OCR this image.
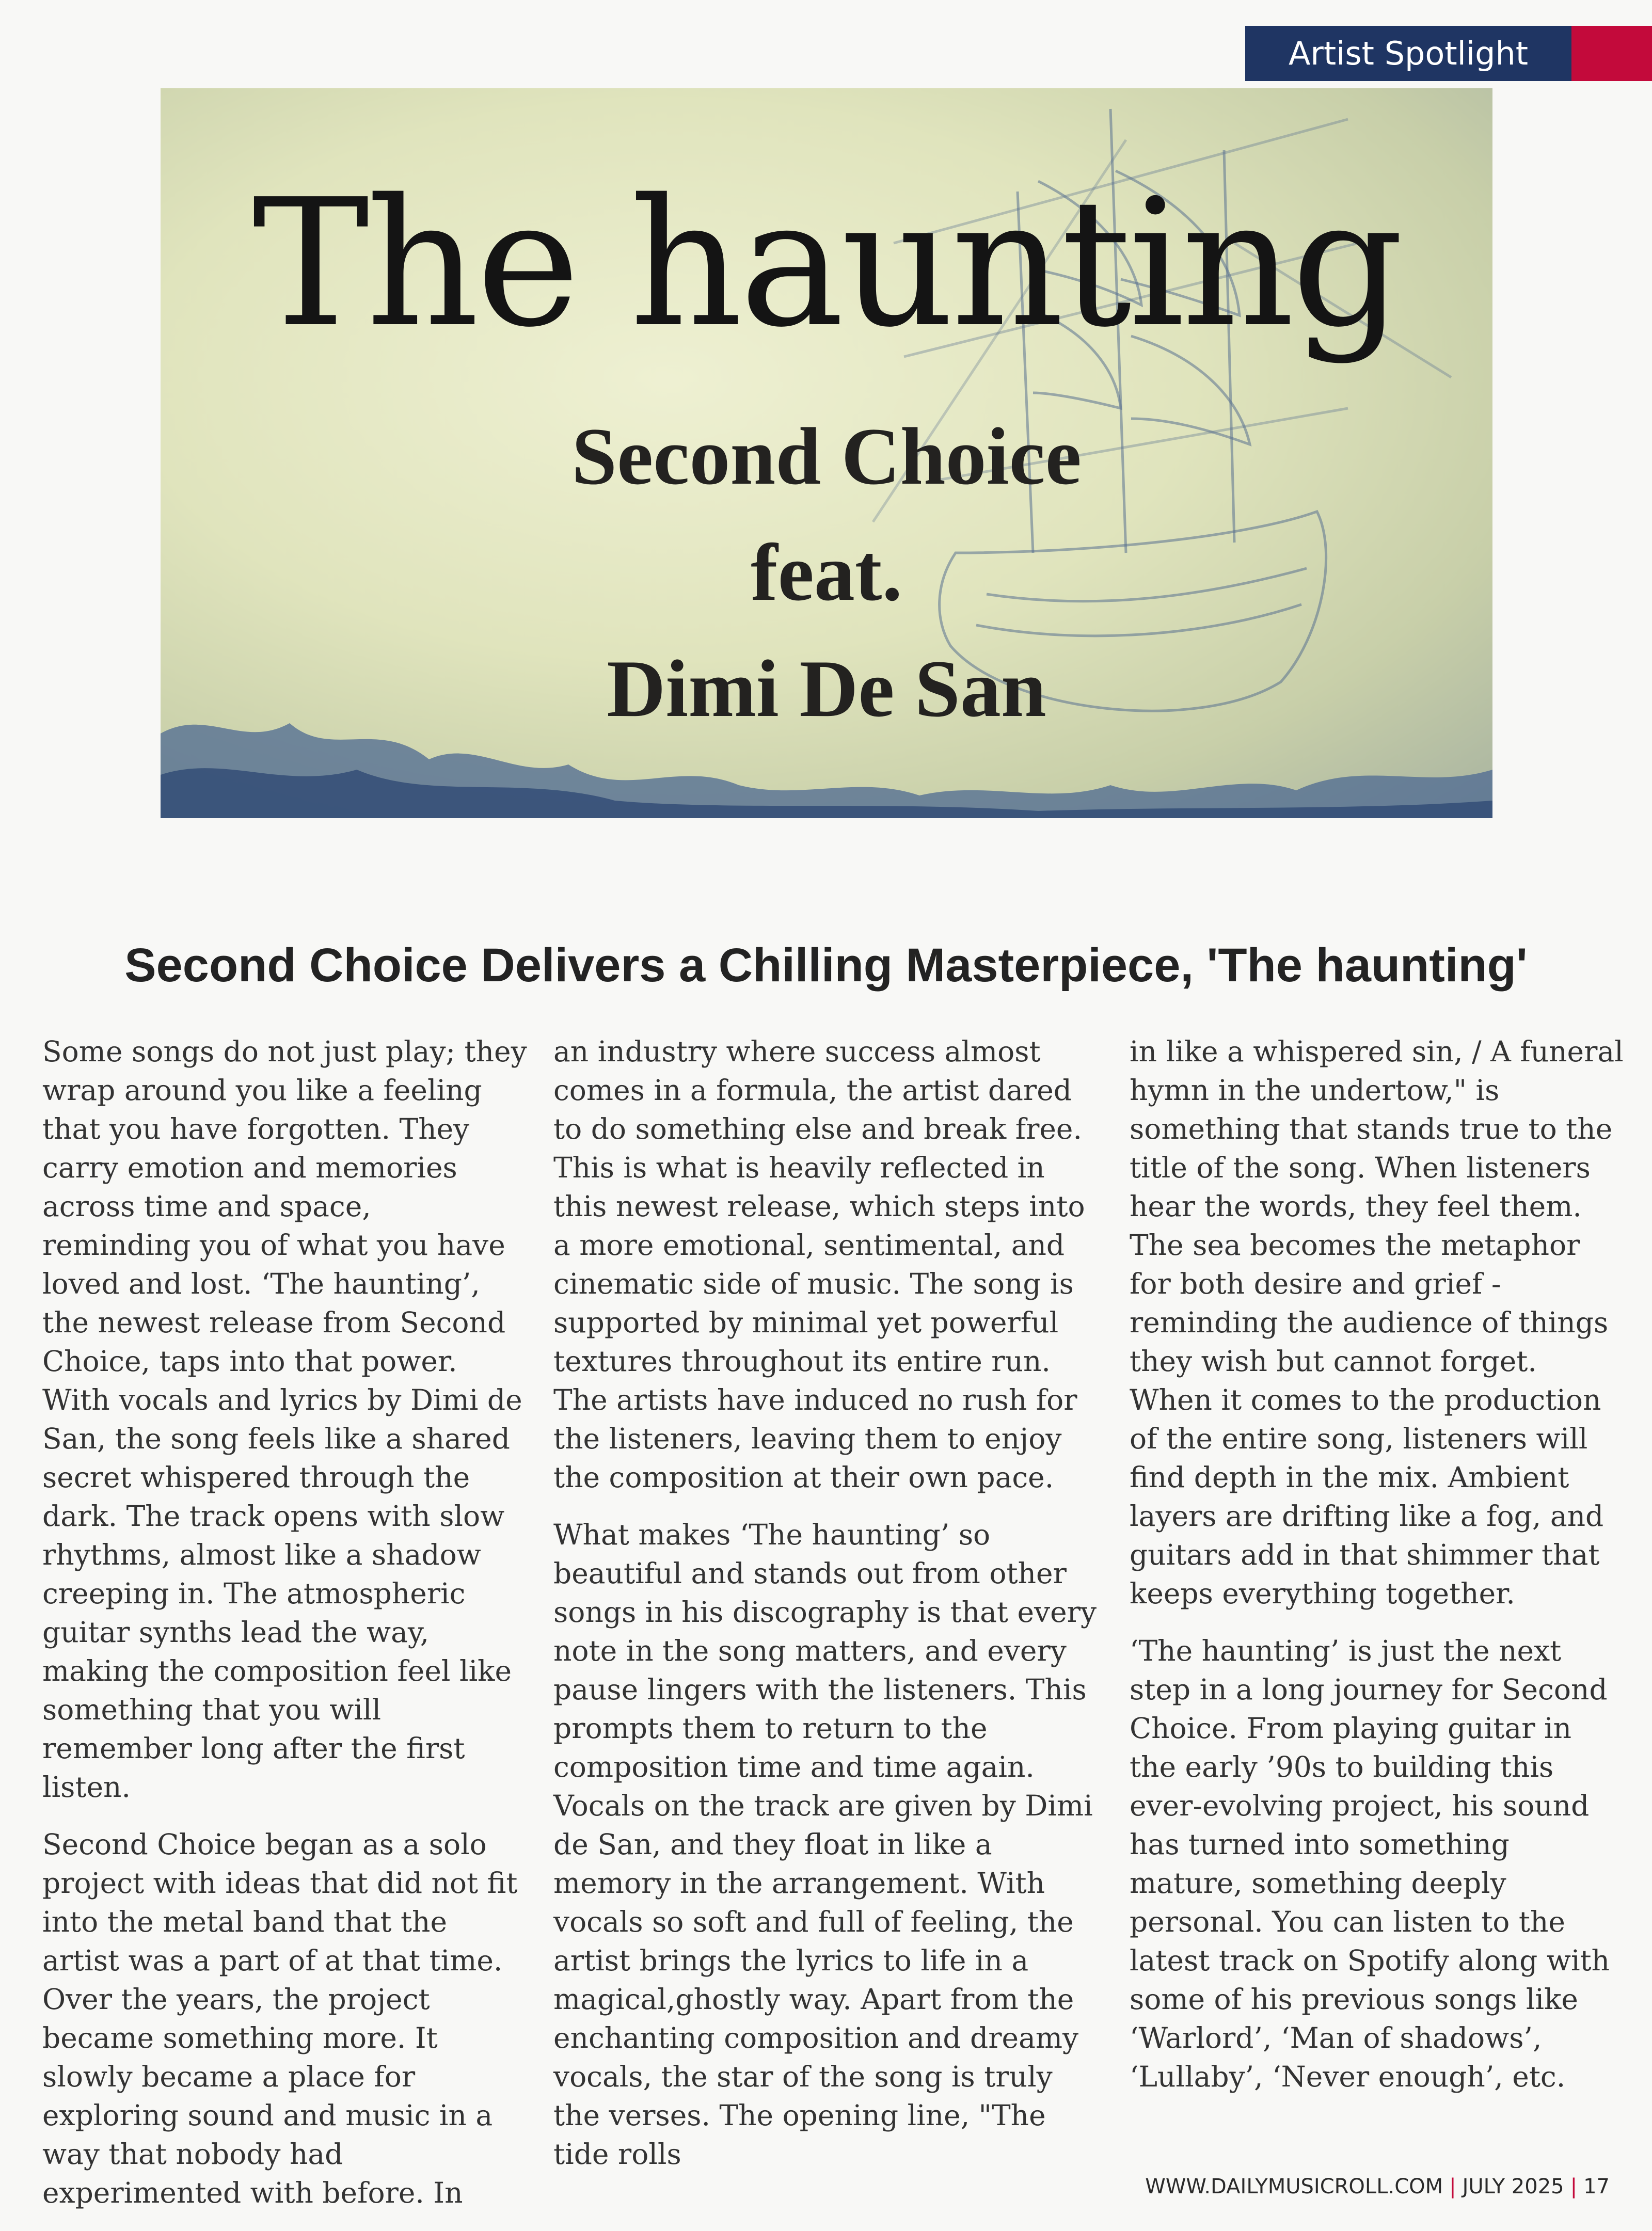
Artist Spotlight
The haunting
Second Choice
feat.
Dimi De San
Second Choice Delivers a Chilling Masterpiece, 'The haunting'

Some songs do not just play; they wrap around you like a feeling that you have forgotten. They carry emotion and memories across time and space, reminding you of what you have loved and lost. ‘The haunting’, the newest release from Second Choice, taps into that power. With vocals and lyrics by Dimi de San, the song feels like a shared secret whispered through the dark. The track opens with slow rhythms, almost like a shadow creeping in. The atmospheric guitar synths lead the way, making the composition feel like something that you will remember long after the first listen.

Second Choice began as a solo project with ideas that did not fit into the metal band that the artist was a part of at that time. Over the years, the project became something more. It slowly became a place for exploring sound and music in a way that nobody had experimented with before. In

an industry where success almost comes in a formula, the artist dared to do something else and break free. This is what is heavily reflected in this newest release, which steps into a more emotional, sentimental, and cinematic side of music. The song is supported by minimal yet powerful textures throughout its entire run. The artists have induced no rush for the listeners, leaving them to enjoy the composition at their own pace.

What makes ‘The haunting’ so beautiful and stands out from other songs in his discography is that every note in the song matters, and every pause lingers with the listeners. This prompts them to return to the composition time and time again. Vocals on the track are given by Dimi de San, and they float in like a memory in the arrangement. With vocals so soft and full of feeling, the artist brings the lyrics to life in a magical,ghostly way. Apart from the enchanting composition and dreamy vocals, the star of the song is truly the verses. The opening line, "The tide rolls

in like a whispered sin, / A funeral hymn in the undertow," is something that stands true to the title of the song. When listeners hear the words, they feel them. The sea becomes the metaphor for both desire and grief - reminding the audience of things they wish but cannot forget. When it comes to the production of the entire song, listeners will find depth in the mix. Ambient layers are drifting like a fog, and guitars add in that shimmer that keeps everything together.

‘The haunting’ is just the next step in a long journey for Second Choice. From playing guitar in the early ’90s to building this ever-evolving project, his sound has turned into something mature, something deeply personal. You can listen to the latest track on Spotify along with some of his previous songs like ‘Warlord’, ‘Man of shadows’, ‘Lullaby’, ‘Never enough’, etc.

WWW.DAILYMUSICROLL.COM | JULY 2025 | 17
